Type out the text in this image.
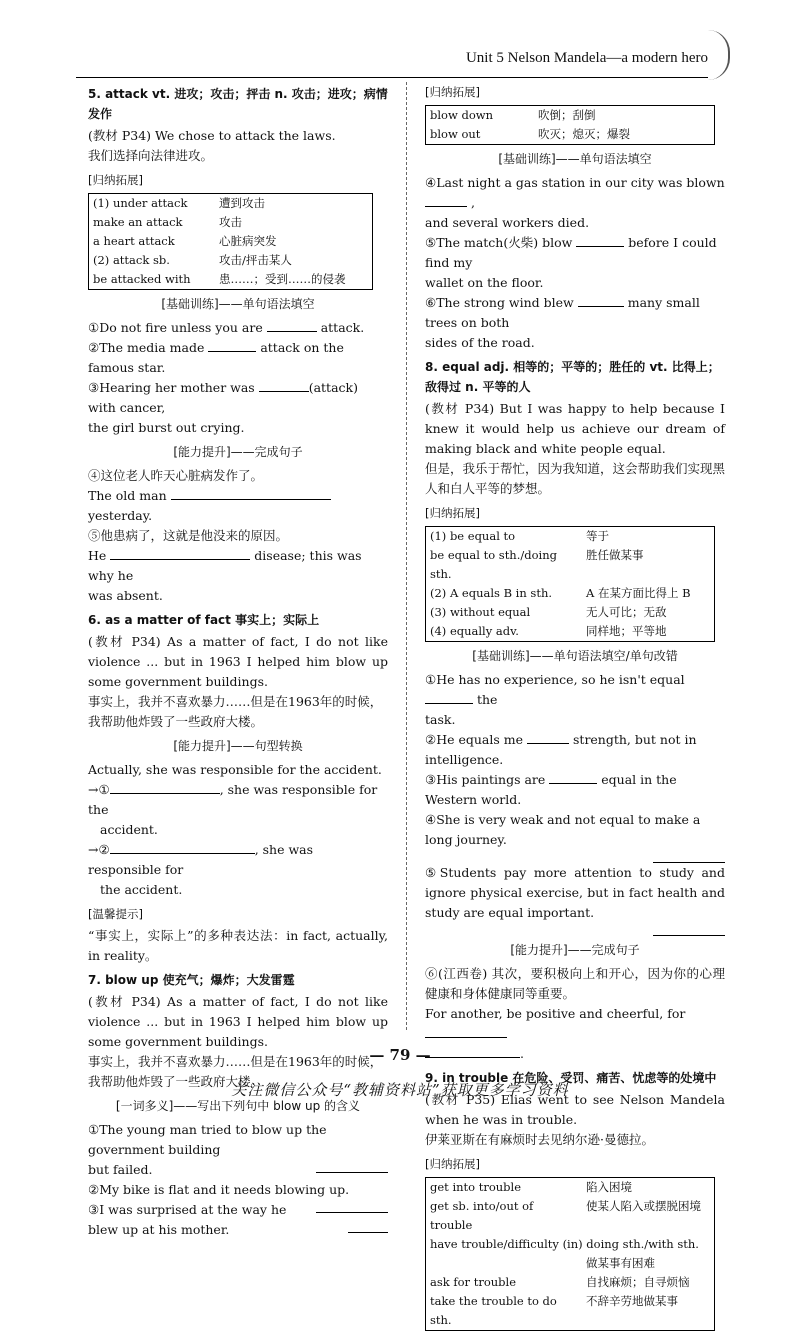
Unit 5 Nelson Mandela—a modern hero

5. attack vt. 进攻；攻击；抨击 n. 攻击；进攻；病情发作

(教材 P34) We chose to attack the laws.

我们选择向法律进攻。

[归纳拓展]
(1) under attack	遭到攻击
make an attack	攻击
a heart attack	心脏病突发
(2) attack sb.	攻击/抨击某人
be attacked with	患……；受到……的侵袭
[基础训练]——单句语法填空

①Do not fire unless you are	attack.

②The media made	attack on the famous star.

③Hearing her mother was	(attack) with cancer,

the girl burst out crying.

[能力提升]——完成句子

④这位老人昨天心脏病发作了。

The old man  yesterday.

⑤他患病了，这就是他没来的原因。

He	disease; this was why he

was absent.

6. as a matter of fact 事实上；实际上

(教材 P34) As a matter of fact, I do not like violence ... but in 1963 I helped him blow up some government buildings.

事实上，我并不喜欢暴力……但是在1963年的时候，我帮助他炸毁了一些政府大楼。

[能力提升]——句型转换

Actually, she was responsible for the accident.

→①	, she was responsible for the

accident.

→②	, she was responsible for

the accident.

[温馨提示]

“事实上，实际上”的多种表达法：in fact, actually, in reality。

7. blow up 使充气；爆炸；大发雷霆

(教材 P34) As a matter of fact, I do not like violence ... but in 1963 I helped him blow up some government buildings.

事实上，我并不喜欢暴力……但是在1963年的时候，我帮助他炸毁了一些政府大楼。

[一词多义]——写出下列句中 blow up 的含义

①The young man tried to blow up the government building

but failed.

②My bike is flat and it needs blowing up.

③I was surprised at the way he blew up at his mother.

[归纳拓展]
blow down	吹倒；刮倒
blow out	吹灭；熄灭；爆裂
[基础训练]——单句语法填空

④Last night a gas station in our city was blown  ,

and several workers died.

⑤The match(火柴) blow	before I could find my

wallet on the floor.

⑥The strong wind blew	many small trees on both

sides of the road.

8. equal adj. 相等的；平等的；胜任的 vt. 比得上；敌得过 n. 平等的人

(教材 P34) But I was happy to help because I knew it would help us achieve our dream of making black and white people equal.

但是，我乐于帮忙，因为我知道，这会帮助我们实现黑人和白人平等的梦想。

[归纳拓展]
(1) be equal to	等于
be equal to sth./doing sth.	胜任做某事
(2) A equals B in sth.	A 在某方面比得上 B
(3) without equal	无人可比；无敌
(4) equally adv.	同样地；平等地
[基础训练]——单句语法填空/单句改错

①He has no experience, so he isn't equal  the

task.

②He equals me	strength, but not in intelligence.

③His paintings are	equal in the Western world.

④She is very weak and not equal to make a long journey.

⑤Students pay more attention to study and ignore physical exercise, but in fact health and study are equal important.

[能力提升]——完成句子

⑥(江西卷) 其次，要积极向上和开心，因为你的心理健康和身体健康同等重要。

For another, be positive and cheerful, for

.

9. in trouble 在危险、受罚、痛苦、忧虑等的处境中

(教材 P35) Elias went to see Nelson Mandela when he was in trouble.

伊莱亚斯在有麻烦时去见纳尔逊·曼德拉。

[归纳拓展]
get into trouble	陷入困境
get sb. into/out of trouble	使某人陷入或摆脱困境
have trouble/difficulty (in) doing sth./with sth.	
	做某事有困难
ask for trouble	自找麻烦；自寻烦恼
take the trouble to do sth.	不辞辛劳地做某事
— 79 —
关注微信公众号“教辅资料站”获取更多学习资料
